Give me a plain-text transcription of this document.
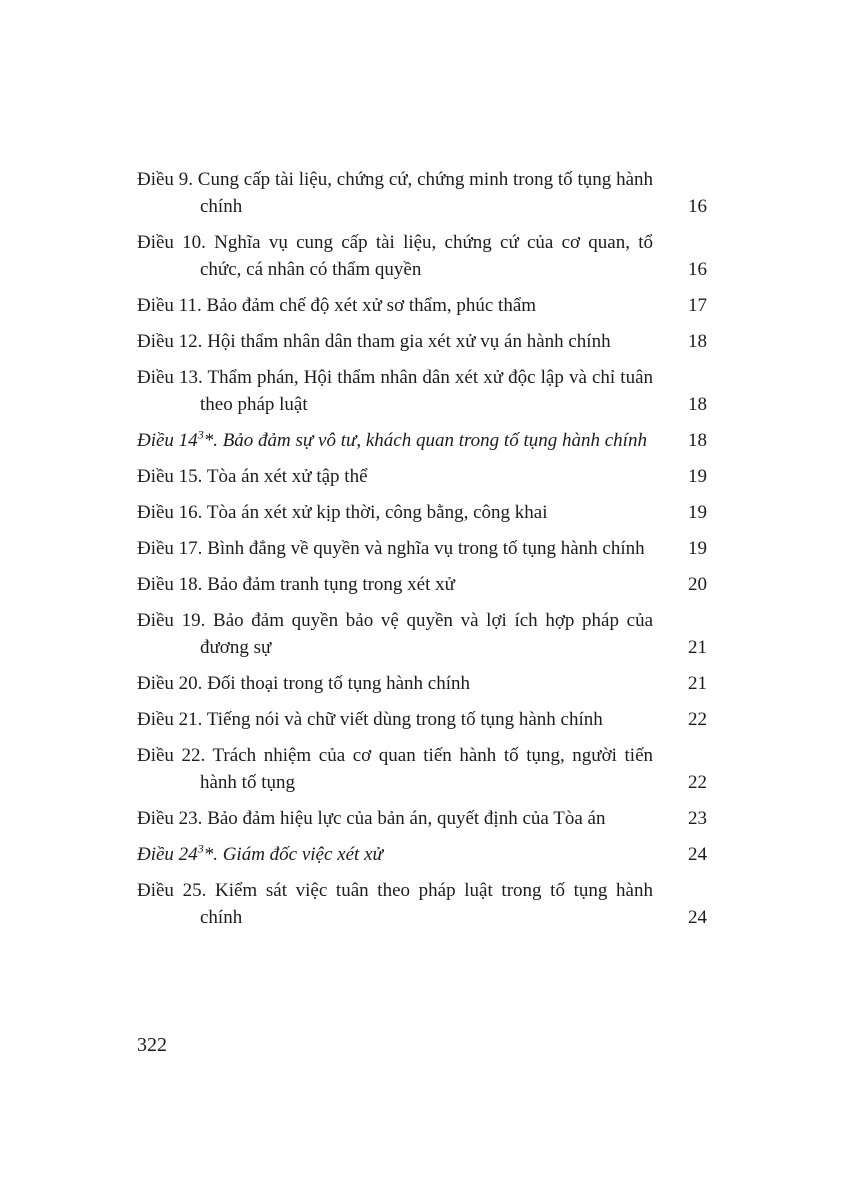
Điều 9. Cung cấp tài liệu, chứng cứ, chứng minh trong tố tụng hành chính	16
Điều 10. Nghĩa vụ cung cấp tài liệu, chứng cứ của cơ quan, tổ chức, cá nhân có thẩm quyền	16
Điều 11. Bảo đảm chế độ xét xử sơ thẩm, phúc thẩm	17
Điều 12. Hội thẩm nhân dân tham gia xét xử vụ án hành chính	18
Điều 13. Thẩm phán, Hội thẩm nhân dân xét xử độc lập và chỉ tuân theo pháp luật	18
Điều $14^3*$. Bảo đảm sự vô tư, khách quan trong tố tụng hành chính	18
Điều 15. Tòa án xét xử tập thể	19
Điều 16. Tòa án xét xử kịp thời, công bằng, công khai	19
Điều 17. Bình đẳng về quyền và nghĩa vụ trong tố tụng hành chính	19
Điều 18. Bảo đảm tranh tụng trong xét xử	20
Điều 19. Bảo đảm quyền bảo vệ quyền và lợi ích hợp pháp của đương sự	21
Điều 20. Đối thoại trong tố tụng hành chính	21
Điều 21. Tiếng nói và chữ viết dùng trong tố tụng hành chính	22
Điều 22. Trách nhiệm của cơ quan tiến hành tố tụng, người tiến hành tố tụng	22
Điều 23. Bảo đảm hiệu lực của bản án, quyết định của Tòa án	23
Điều $24^3*$. Giám đốc việc xét xử	24
Điều 25. Kiểm sát việc tuân theo pháp luật trong tố tụng hành chính	24
322
